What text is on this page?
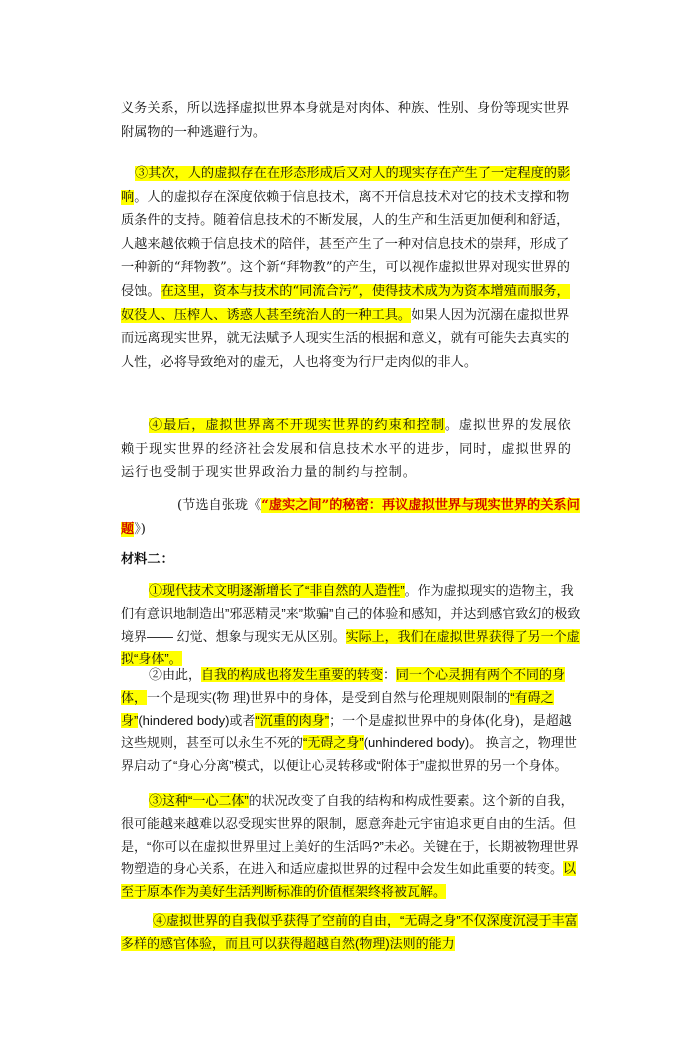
义务关系，所以选择虚拟世界本身就是对肉体、种族、性别、身份等现实世界附属物的一种逃避行为。
③其次，人的虚拟存在在形态形成后又对人的现实存在产生了一定程度的影响。人的虚拟存在深度依赖于信息技术，离不开信息技术对它的技术支撑和物质条件的支持。随着信息技术的不断发展，人的生产和生活更加便利和舒适，人越来越依赖于信息技术的陪伴，甚至产生了一种对信息技术的崇拜，形成了一种新的“拜物教”。这个新“拜物教”的产生，可以视作虚拟世界对现实世界的侵蚀。在这里，资本与技术的“同流合污”，使得技术成为为资本增殖而服务，奴役人、压榨人、诱惑人甚至统治人的一种工具。如果人因为沉溺在虚拟世界而远离现实世界，就无法赋予人现实生活的根据和意义，就有可能失去真实的人性，必将导致绝对的虚无，人也将变为行尸走肉似的非人。
④最后，虚拟世界离不开现实世界的约束和控制。虚拟世界的发展依赖于现实世界的经济社会发展和信息技术水平的进步，同时，虚拟世界的运行也受制于现实世界政治力量的制约与控制。
(节选自张珑《“虚实之间”的秘密：再议虚拟世界与现实世界的关系问题》)
材料二：
①现代技术文明逐渐增长了“非自然的人造性”。作为虚拟现实的造物主，我们有意识地制造出”邪恶精灵”来”欺骗”自己的体验和感知，并达到感官致幻的极致境界—— 幻觉、想象与现实无从区别。实际上，我们在虚拟世界获得了另一个虚拟“身体”。
②由此，自我的构成也将发生重要的转变：同一个心灵拥有两个不同的身体，一个是现实(物 理)世界中的身体，是受到自然与伦理规则限制的“有碍之身”(hindered body)或者“沉重的肉身”；一个是虚拟世界中的身体(化身)，是超越这些规则，甚至可以永生不死的“无碍之身”(unhindered body)。 换言之，物理世界启动了“身心分离”模式，以便让心灵转移或“附体于”虚拟世界的另一个身体。
③这种“一心二体”的状况改变了自我的结构和构成性要素。这个新的自我，很可能越来越难以忍受现实世界的限制，愿意奔赴元宇宙追求更自由的生活。但是，“你可以在虚拟世界里过上美好的生活吗?”未必。关键在于，长期被物理世界物塑造的身心关系，在进入和适应虚拟世界的过程中会发生如此重要的转变。以至于原本作为美好生活判断标准的价值框架终将被瓦解。
④虚拟世界的自我似乎获得了空前的自由，“无碍之身”不仅深度沉浸于丰富多样的感官体验，而且可以获得超越自然(物理)法则的能力
